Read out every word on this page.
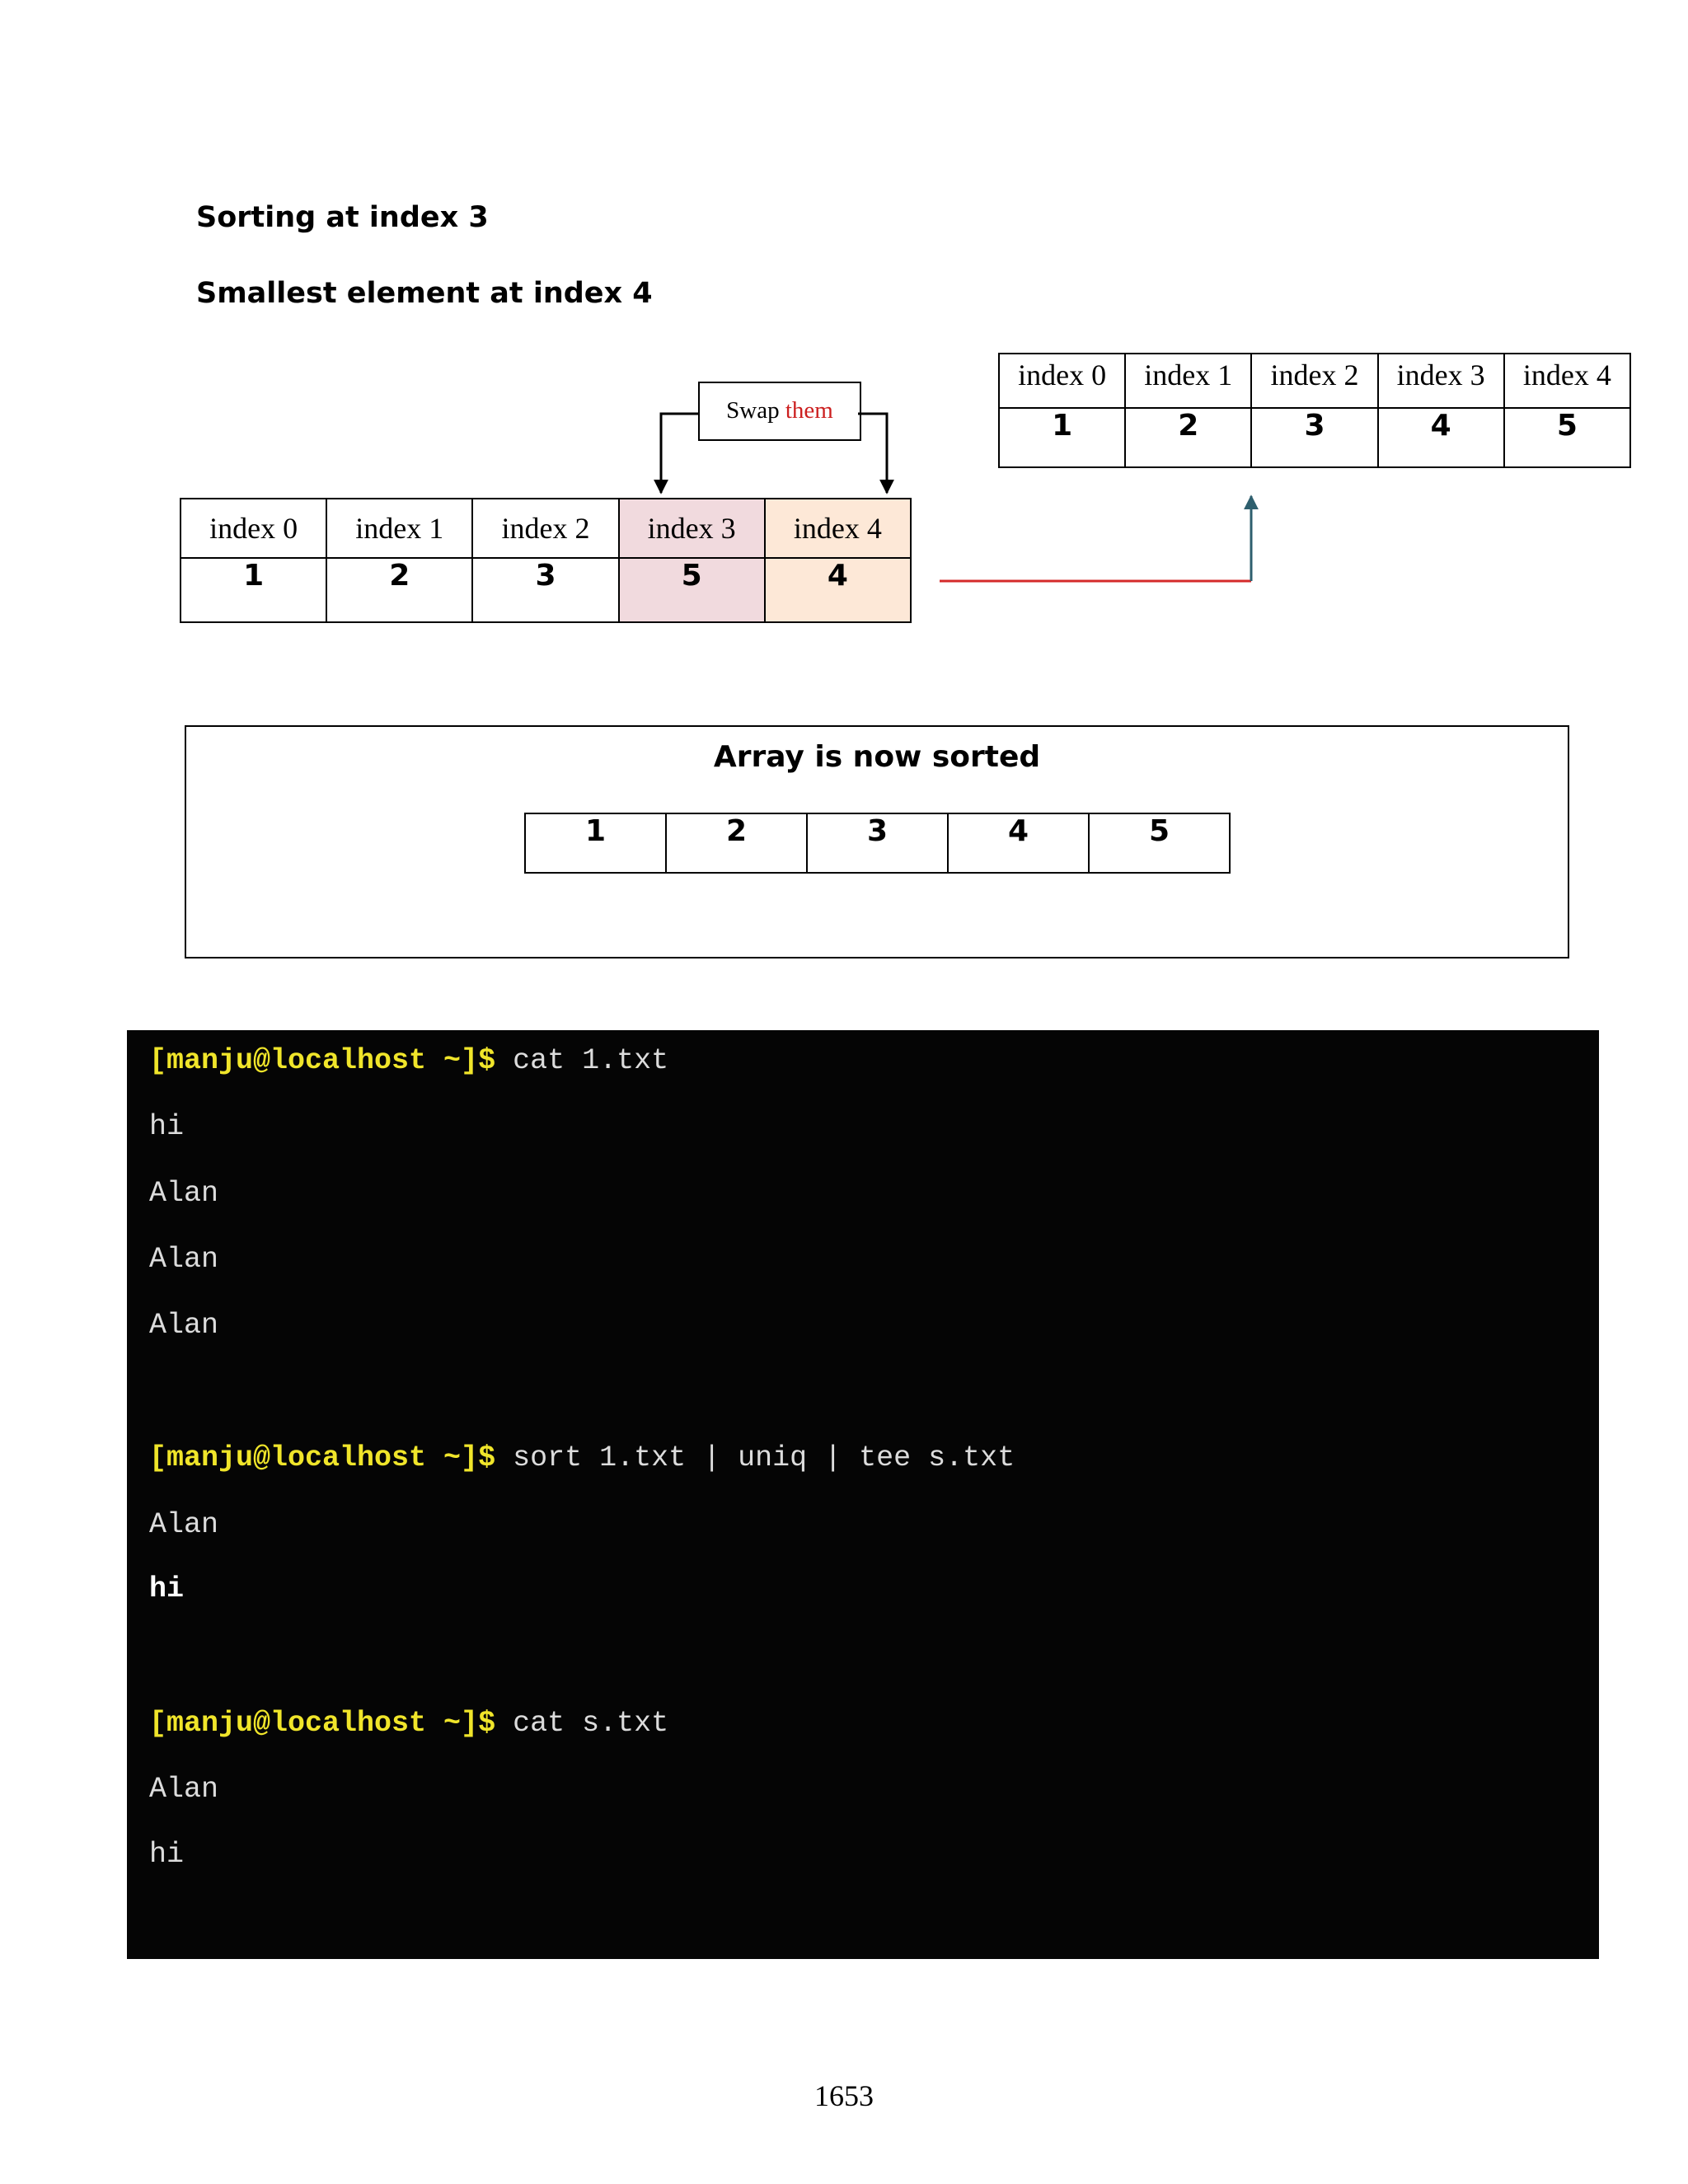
Sorting at index 3
Smallest element at index 4
Swap them
index 0	index 1	index 2	index 3	index 4
1	2	3	5	4
index 0	index 1	index 2	index 3	index 4
1	2	3	4	5
Array is now sorted
1	2	3	4	5
[manju@localhost ~]$ cat 1.txt
hi
Alan
Alan
Alan
[manju@localhost ~]$ sort 1.txt | uniq | tee s.txt
Alan
hi
[manju@localhost ~]$ cat s.txt
Alan
hi
1653
